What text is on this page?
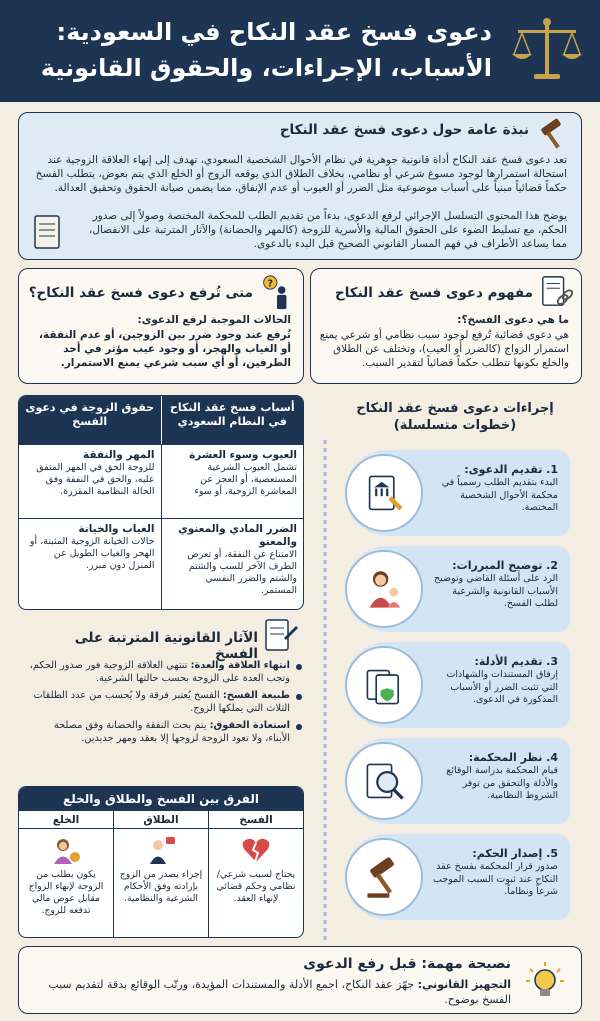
دعوى فسخ عقد النكاح في السعودية:
الأسباب، الإجراءات، والحقوق القانونية
نبذة عامة حول دعوى فسخ عقد النكاح
تعد دعوى فسخ عقد النكاح أداة قانونية جوهرية في نظام الأحوال الشخصية السعودي، تهدف إلى إنهاء العلاقة الزوجية عند استحالة استمرارها لوجود مسوغ شرعي أو نظامي، بخلاف الطلاق الذي يوقعه الزوج أو الخلع الذي يتم بعوض، يتطلب الفسخ حكماً قضائياً مبنياً على أسباب موضوعية مثل الضرر أو العيوب أو عدم الإنفاق، مما يضمن صيانة الحقوق وتحقيق العدالة.
يوضح هذا المحتوى التسلسل الإجرائي لرفع الدعوى، بدءاً من تقديم الطلب للمحكمة المختصة وصولاً إلى صدور الحكم، مع تسليط الضوء على الحقوق المالية والأسرية للزوجة (كالمهر والحضانة) والآثار المترتبة على الانفصال، مما يساعد الأطراف في فهم المسار القانوني الصحيح قبل البدء بالدعوى.
مفهوم دعوى فسخ عقد النكاح
ما هي دعوى الفسخ؟:
هي دعوى قضائية تُرفع لوجود سبب نظامي أو شرعي يمنع استمرار الزواج (كالضرر أو العيب)، وتختلف عن الطلاق والخلع بكونها تتطلب حكماً قضائياً لتقدير السبب.
?
متى تُرفع دعوى فسخ عقد النكاح؟
الحالات الموجبة لرفع الدعوى:
تُرفع عند وجود ضرر بين الزوجين، أو عدم النفقة، أو الغياب والهجر، أو وجود عيب مؤثر في أحد الطرفين، أو أي سبب شرعي يمنع الاستمرار.
أسباب فسخ عقد النكاح في النظام السعودي
حقوق الزوجة في دعوى الفسخ
العيوب وسوء العشرة
تشمل العيوب الشرعية المستعصية، أو العجز عن المعاشرة الزوجية، أو سوء
المهر والنفقة
للزوجة الحق في المهر المتفق عليه، والحق في النفقة وفق الحالة النظامية المقررة.
الضرر المادي والمعنوي والمعنو
الامتناع عن النفقة، أو تعرض الطرف الآخر للسب والشتم والشتم والضرر النفسي المستمر.
الغياب والخيانة
حالات الخيانة الزوجية المثبتة، أو الهجر والغياب الطويل عن المنزل دون مبرر.
إجراءات دعوى فسخ عقد النكاح
(خطوات متسلسلة)
1. تقديم الدعوى:
البدء بتقديم الطلب رسمياً في محكمة الأحوال الشخصية المختصة.
2. توضيح المبررات:
الرد على أسئلة القاضي وتوضيح الأسباب القانونية والشرعية لطلب الفسخ.
3. تقديم الأدلة:
إرفاق المستندات والشهادات التي تثبت الضرر أو الأسباب المذكورة في الدعوى.
4. نظر المحكمة:
قيام المحكمة بدراسة الوقائع والأدلة والتحقق من توفر الشروط النظامية.
5. إصدار الحكم:
صدور قرار المحكمة بفسخ عقد النكاح عند ثبوت السبب الموجب شرعاً ونظاماً.
الآثار القانونية المترتبة على الفسخ
انتهاء العلاقة والعدة: تنتهي العلاقة الزوجية فور صدور الحكم، وتجب العدة على الزوجة بحسب حالتها الشرعية.
طبيعة الفسخ: الفسخ يُعتبر فرقة ولا يُحسب من عدد الطلقات الثلاث التي يملكها الزوج.
استعادة الحقوق: يتم بحث النفقة والحضانة وفق مصلحة الأبناء، ولا تعود الزوجة لزوجها إلا بعقد ومهر جديدين.
الفرق بين الفسخ والطلاق والخلع
الفسخ
يحتاج لسبب شرعي/نظامي وحكم قضائي لإنهاء العقد.
الطلاق
إجراء يصدر من الزوج بإرادته وفق الأحكام الشرعية والنظامية.
الخلع
يكون بطلب من الزوجة لإنهاء الزواج مقابل عوض مالي تدفعه للزوج.
نصيحة مهمة: قبل رفع الدعوى
التجهيز القانوني: جهّز عقد النكاح، اجمع الأدلة والمستندات المؤيدة، ورتّب الوقائع بدقة لتقديم سبب الفسخ بوضوح.
